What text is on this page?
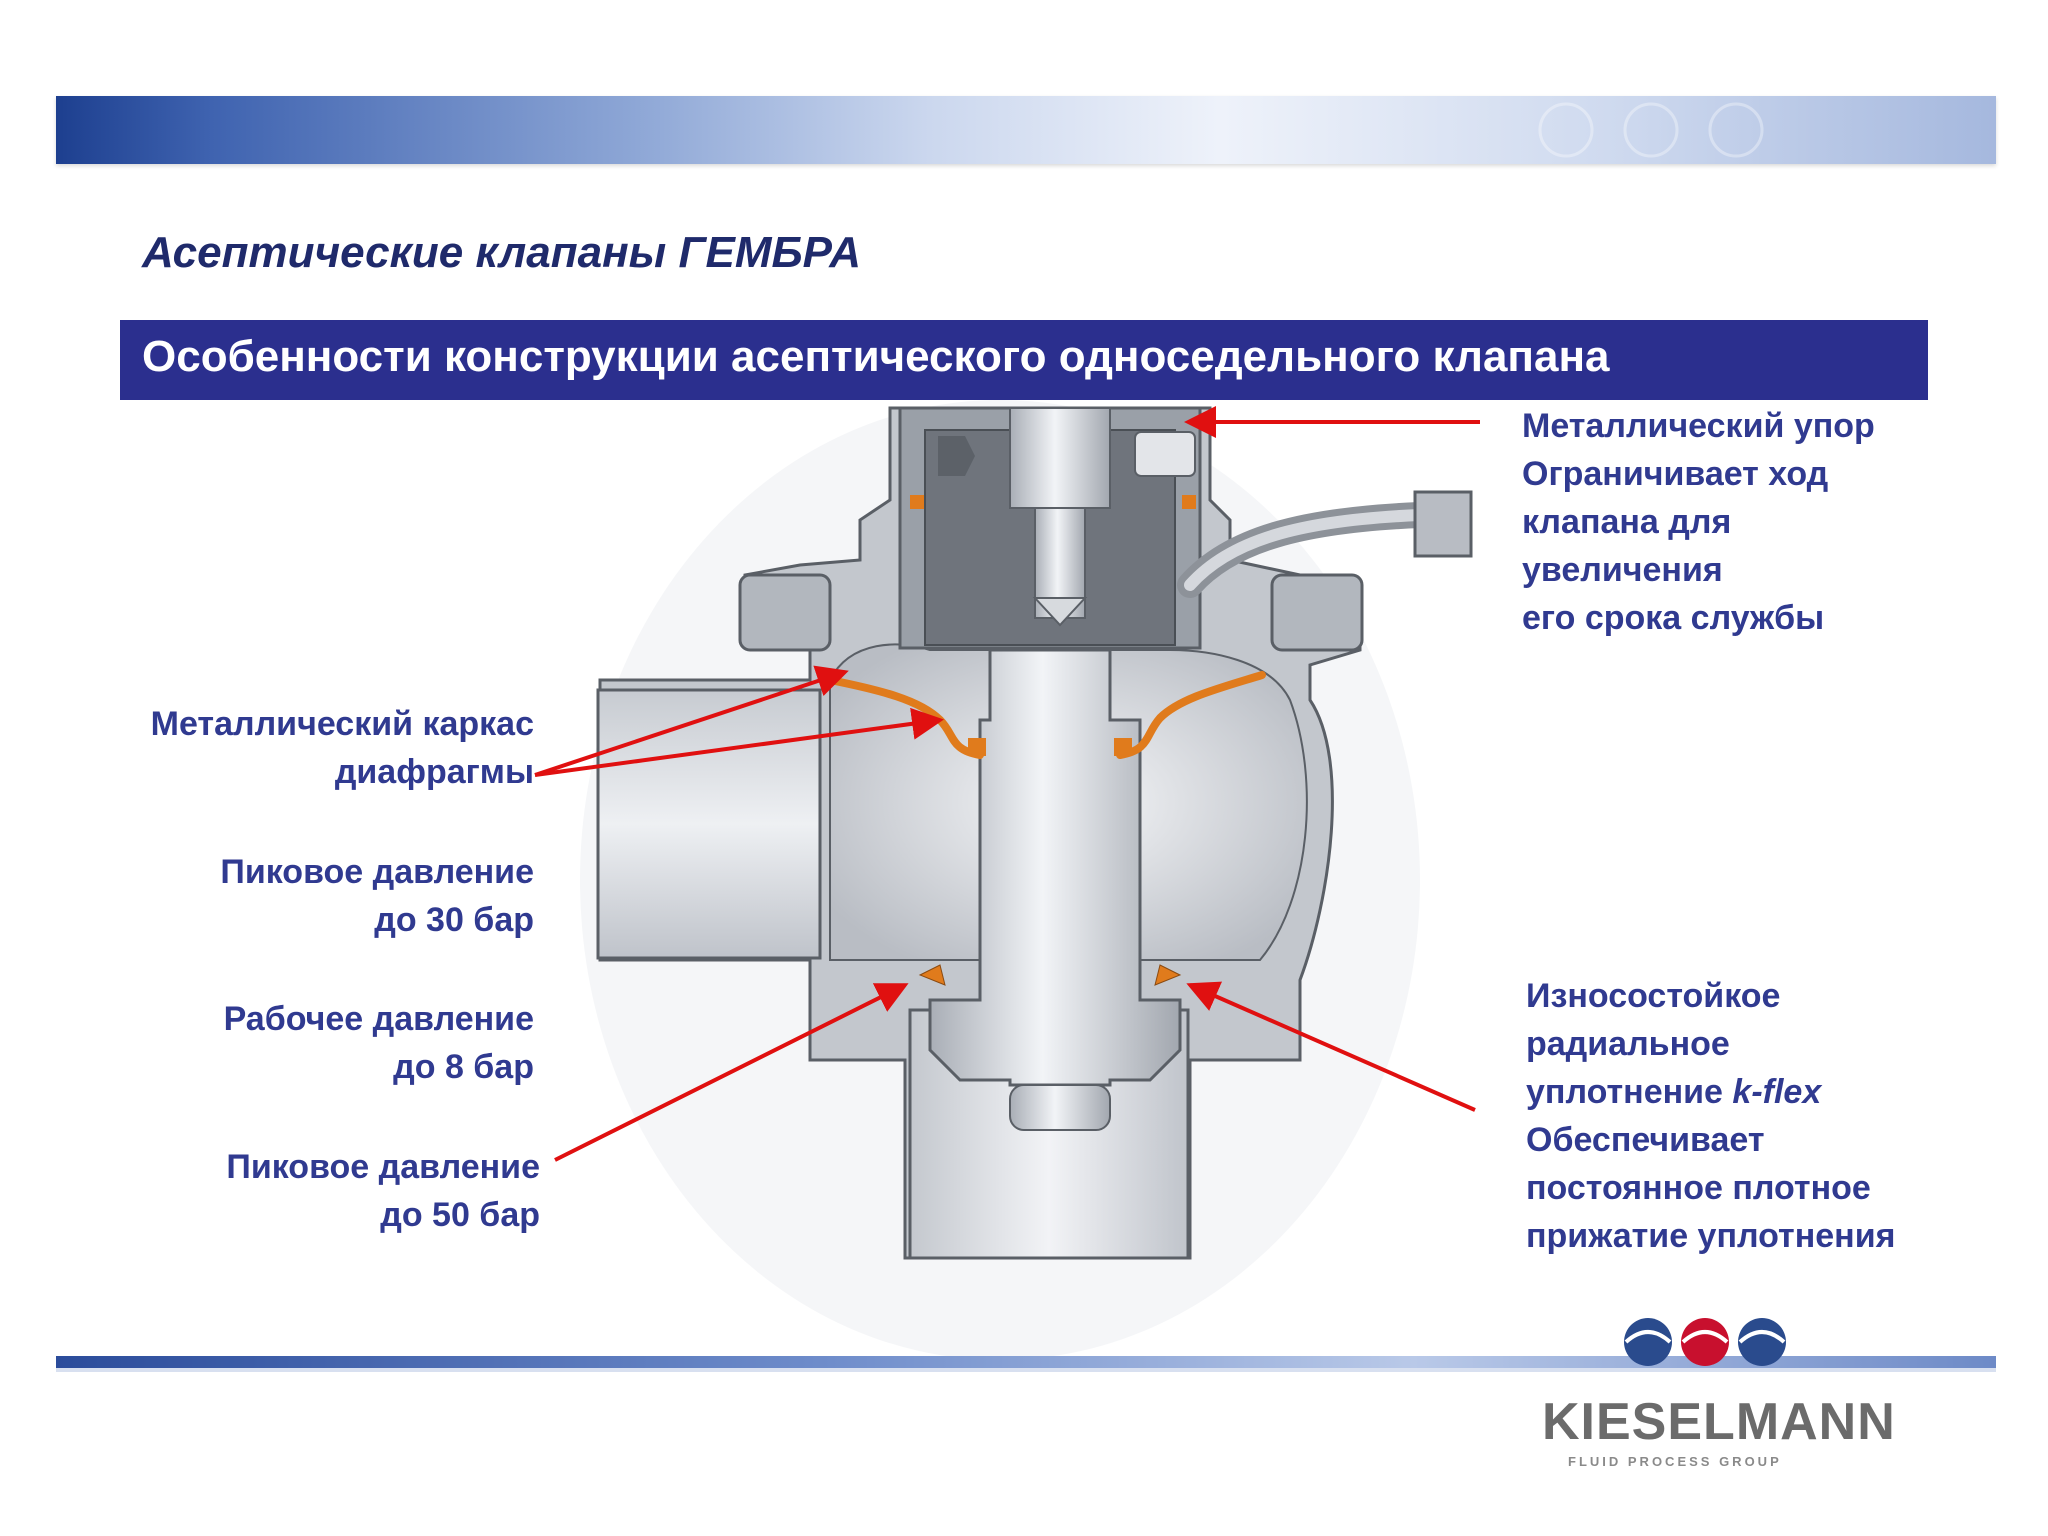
Асептические клапаны ГЕМБРА
Особенности конструкции асептического односедельного клапана
Металлический упор
Ограничивает ход
клапана для
увеличения
его срока службы
Металлический каркас
диафрагмы
Пиковое давление
до 30 бар
Рабочее давление
до 8 бар
Пиковое давление
до 50 бар
Износостойкое
радиальное
уплотнение k-flex
Обеспечивает
постоянное плотное
прижатие уплотнения
KIESELMANN
FLUID PROCESS GROUP
